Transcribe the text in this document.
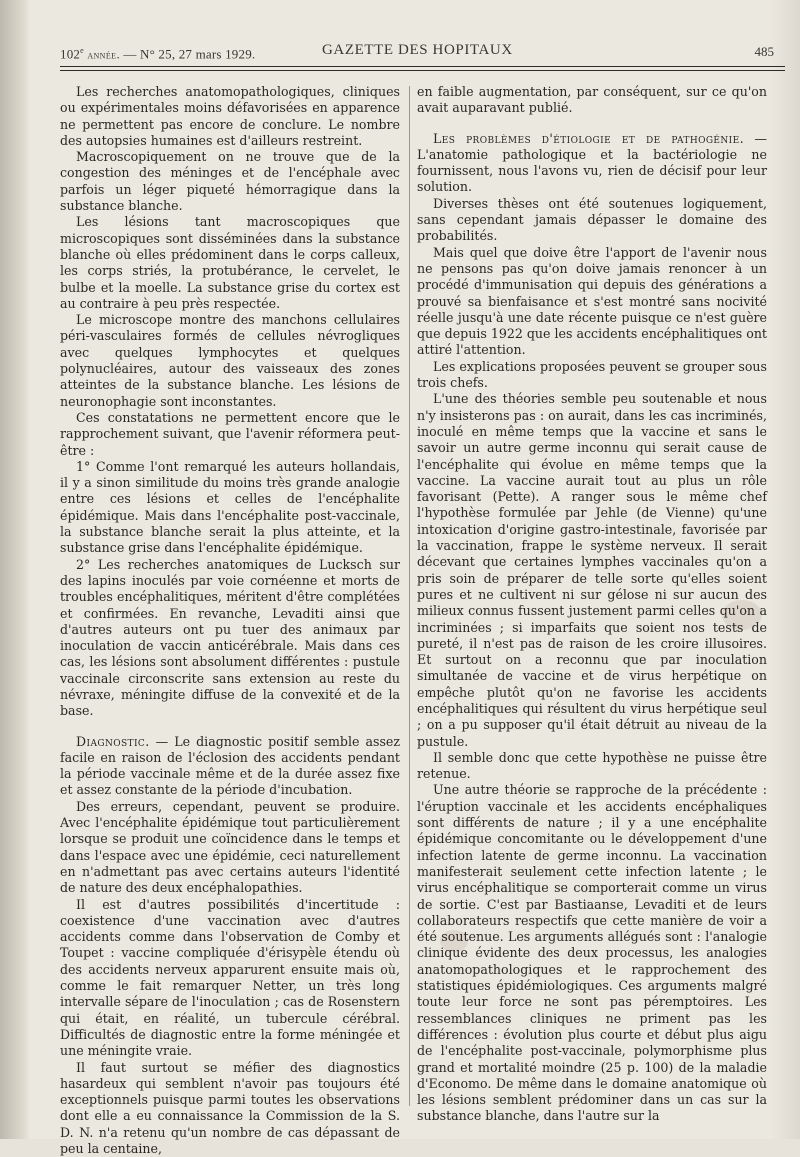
102e année. — N° 25, 27 mars 1929.	GAZETTE DES HOPITAUX	485

Les recherches anatomopathologiques, cliniques ou expérimentales moins défavorisées en apparence ne permettent pas encore de conclure. Le nombre des autopsies humaines est d'ailleurs restreint.

Macroscopiquement on ne trouve que de la congestion des méninges et de l'encéphale avec parfois un léger piqueté hémorragique dans la substance blanche.

Les lésions tant macroscopiques que microscopiques sont disséminées dans la substance blanche où elles prédominent dans le corps calleux, les corps striés, la protubérance, le cervelet, le bulbe et la moelle. La substance grise du cortex est au contraire à peu près respectée.

Le microscope montre des manchons cellulaires péri-vasculaires formés de cellules névrogliques avec quelques lymphocytes et quelques polynucléaires, autour des vaisseaux des zones atteintes de la substance blanche. Les lésions de neuronophagie sont inconstantes.

Ces constatations ne permettent encore que le rapprochement suivant, que l'avenir réformera peut-être :

1° Comme l'ont remarqué les auteurs hollandais, il y a sinon similitude du moins très grande analogie entre ces lésions et celles de l'encéphalite épidémique. Mais dans l'encéphalite post-vaccinale, la substance blanche serait la plus atteinte, et la substance grise dans l'encéphalite épidémique.

2° Les recherches anatomiques de Lucksch sur des lapins inoculés par voie cornéenne et morts de troubles encéphalitiques, méritent d'être complétées et confirmées. En revanche, Levaditi ainsi que d'autres auteurs ont pu tuer des animaux par inoculation de vaccin anticérébrale. Mais dans ces cas, les lésions sont absolument différentes : pustule vaccinale circonscrite sans extension au reste du névraxe, méningite diffuse de la convexité et de la base.

Diagnostic. — Le diagnostic positif semble assez facile en raison de l'éclosion des accidents pendant la période vaccinale même et de la durée assez fixe et assez constante de la période d'incubation.

Des erreurs, cependant, peuvent se produire. Avec l'encéphalite épidémique tout particulièrement lorsque se produit une coïncidence dans le temps et dans l'espace avec une épidémie, ceci naturellement en n'admettant pas avec certains auteurs l'identité de nature des deux encéphalopathies.

Il est d'autres possibilités d'incertitude : coexistence d'une vaccination avec d'autres accidents comme dans l'observation de Comby et Toupet : vaccine compliquée d'érisypèle étendu où des accidents nerveux apparurent ensuite mais où, comme le fait remarquer Netter, un très long intervalle sépare de l'inoculation ; cas de Rosenstern qui était, en réalité, un tubercule cérébral. Difficultés de diagnostic entre la forme méningée et une méningite vraie.

Il faut surtout se méfier des diagnostics hasardeux qui semblent n'avoir pas toujours été exceptionnels puisque parmi toutes les observations dont elle a eu connaissance la Commission de la S. D. N. n'a retenu qu'un nombre de cas dépassant de peu la centaine,

en faible augmentation, par conséquent, sur ce qu'on avait auparavant publié.

Les problèmes d'étiologie et de pathogénie. — L'anatomie pathologique et la bactériologie ne fournissent, nous l'avons vu, rien de décisif pour leur solution.

Diverses thèses ont été soutenues logiquement, sans cependant jamais dépasser le domaine des probabilités.

Mais quel que doive être l'apport de l'avenir nous ne pensons pas qu'on doive jamais renoncer à un procédé d'immunisation qui depuis des générations a prouvé sa bienfaisance et s'est montré sans nocivité réelle jusqu'à une date récente puisque ce n'est guère que depuis 1922 que les accidents encéphalitiques ont attiré l'attention.

Les explications proposées peuvent se grouper sous trois chefs.

L'une des théories semble peu soutenable et nous n'y insisterons pas : on aurait, dans les cas incriminés, inoculé en même temps que la vaccine et sans le savoir un autre germe inconnu qui serait cause de l'encéphalite qui évolue en même temps que la vaccine. La vaccine aurait tout au plus un rôle favorisant (Pette). A ranger sous le même chef l'hypothèse formulée par Jehle (de Vienne) qu'une intoxication d'origine gastro-intestinale, favorisée par la vaccination, frappe le système nerveux. Il serait décevant que certaines lymphes vaccinales qu'on a pris soin de préparer de telle sorte qu'elles soient pures et ne cultivent ni sur gélose ni sur aucun des milieux connus fussent justement parmi celles qu'on a incriminées ; si imparfaits que soient nos tests de pureté, il n'est pas de raison de les croire illusoires. Et surtout on a reconnu que par inoculation simultanée de vaccine et de virus herpétique on empêche plutôt qu'on ne favorise les accidents encéphalitiques qui résultent du virus herpétique seul ; on a pu supposer qu'il était détruit au niveau de la pustule.

Il semble donc que cette hypothèse ne puisse être retenue.

Une autre théorie se rapproche de la précédente : l'éruption vaccinale et les accidents encéphaliques sont différents de nature ; il y a une encéphalite épidémique concomitante ou le développement d'une infection latente de germe inconnu. La vaccination manifesterait seulement cette infection latente ; le virus encéphalitique se comporterait comme un virus de sortie. C'est par Bastiaanse, Levaditi et de leurs collaborateurs respectifs que cette manière de voir a été soutenue. Les arguments allégués sont : l'analogie clinique évidente des deux processus, les analogies anatomopathologiques et le rapprochement des statistiques épidémiologiques. Ces arguments malgré toute leur force ne sont pas péremptoires. Les ressemblances cliniques ne priment pas les différences : évolution plus courte et début plus aigu de l'encéphalite post-vaccinale, polymorphisme plus grand et mortalité moindre (25 p. 100) de la maladie d'Economo. De même dans le domaine anatomique où les lésions semblent prédominer dans un cas sur la substance blanche, dans l'autre sur la
